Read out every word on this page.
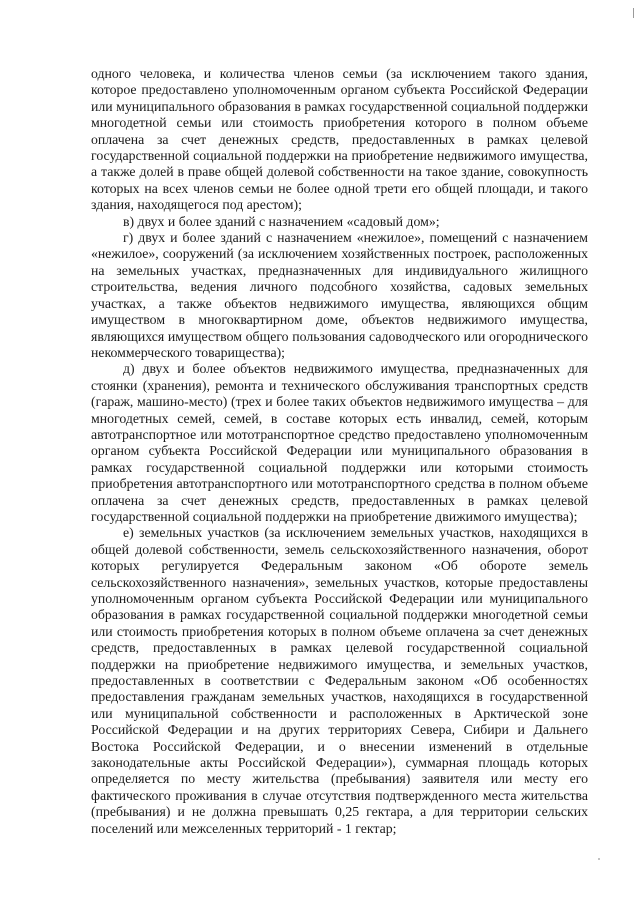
одного человека, и количества членов семьи (за исключением такого здания, которое предоставлено уполномоченным органом субъекта Российской Федерации или муниципального образования в рамках государственной социальной поддержки многодетной семьи или стоимость приобретения которого в полном объеме оплачена за счет денежных средств, предоставленных в рамках целевой государственной социальной поддержки на приобретение недвижимого имущества, а также долей в праве общей долевой собственности на такое здание, совокупность которых на всех членов семьи не более одной трети его общей площади, и такого здания, находящегося под арестом);

в) двух и более зданий с назначением «садовый дом»;

г) двух и более зданий с назначением «нежилое», помещений с назначением «нежилое», сооружений (за исключением хозяйственных построек, расположенных на земельных участках, предназначенных для индивидуального жилищного строительства, ведения личного подсобного хозяйства, садовых земельных участках, а также объектов недвижимого имущества, являющихся общим имуществом в многоквартирном доме, объектов недвижимого имущества, являющихся имуществом общего пользования садоводческого или огороднического некоммерческого товарищества);

д) двух и более объектов недвижимого имущества, предназначенных для стоянки (хранения), ремонта и технического обслуживания транспортных средств (гараж, машино-место) (трех и более таких объектов недвижимого имущества – для многодетных семей, семей, в составе которых есть инвалид, семей, которым автотранспортное или мототранспортное средство предоставлено уполномоченным органом субъекта Российской Федерации или муниципального образования в рамках государственной социальной поддержки или которыми стоимость приобретения автотранспортного или мототранспортного средства в полном объеме оплачена за счет денежных средств, предоставленных в рамках целевой государственной социальной поддержки на приобретение движимого имущества);

е) земельных участков (за исключением земельных участков, находящихся в общей долевой собственности, земель сельскохозяйственного назначения, оборот которых регулируется Федеральным законом «Об обороте земель сельскохозяйственного назначения», земельных участков, которые предоставлены уполномоченным органом субъекта Российской Федерации или муниципального образования в рамках государственной социальной поддержки многодетной семьи или стоимость приобретения которых в полном объеме оплачена за счет денежных средств, предоставленных в рамках целевой государственной социальной поддержки на приобретение недвижимого имущества, и земельных участков, предоставленных в соответствии с Федеральным законом «Об особенностях предоставления гражданам земельных участков, находящихся в государственной или муниципальной собственности и расположенных в Арктической зоне Российской Федерации и на других территориях Севера, Сибири и Дальнего Востока Российской Федерации, и о внесении изменений в отдельные законодательные акты Российской Федерации»), суммарная площадь которых определяется по месту жительства (пребывания) заявителя или месту его фактического проживания в случае отсутствия подтвержденного места жительства (пребывания) и не должна превышать 0,25 гектара, а для территории сельских поселений или межселенных территорий - 1 гектар;
